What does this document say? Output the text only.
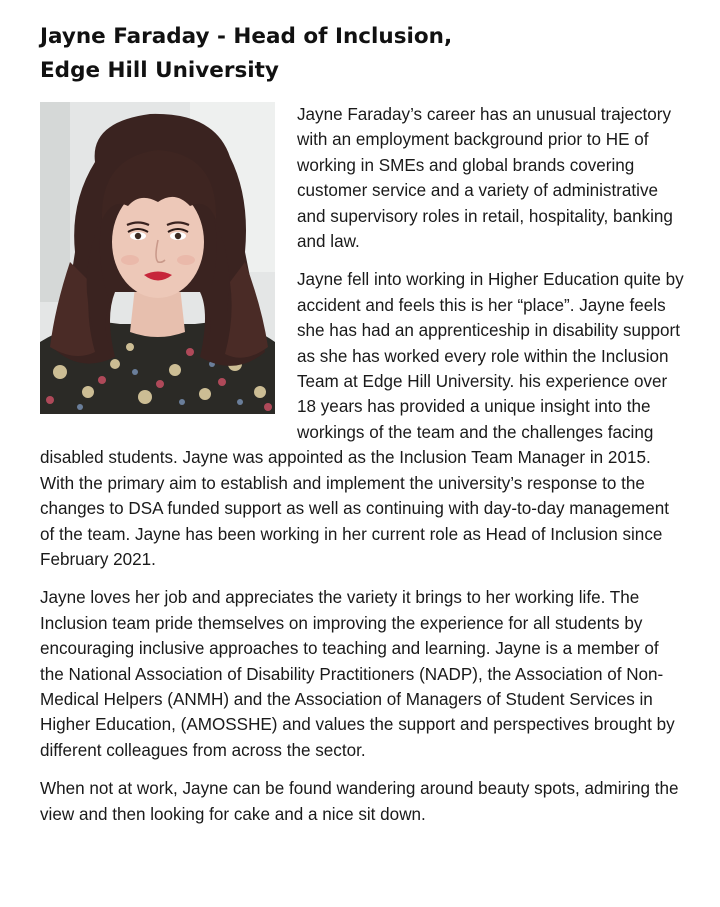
Jayne Faraday - Head of Inclusion,
Edge Hill University

Jayne Faraday’s career has an unusual trajectory with an employment background prior to HE of working in SMEs and global brands covering customer service and a variety of administrative and supervisory roles in retail, hospitality, banking and law.

Jayne fell into working in Higher Education quite by accident and feels this is her “place”. Jayne feels she has had an apprenticeship in disability support as she has worked every role within the Inclusion Team at Edge Hill University. his experience over 18 years has provided a unique insight into the workings of the team and the challenges facing disabled students. Jayne was appointed as the Inclusion Team Manager in 2015. With the primary aim to establish and implement the university’s response to the changes to DSA funded support as well as continuing with day-to-day management of the team. Jayne has been working in her current role as Head of Inclusion since February 2021.

Jayne loves her job and appreciates the variety it brings to her working life. The Inclusion team pride themselves on improving the experience for all students by encouraging inclusive approaches to teaching and learning. Jayne is a member of the National Association of Disability Practitioners (NADP), the Association of Non- Medical Helpers (ANMH) and the Association of Managers of Student Services in Higher Education, (AMOSSHE) and values the support and perspectives brought by different colleagues from across the sector.

When not at work, Jayne can be found wandering around beauty spots, admiring the view and then looking for cake and a nice sit down.
